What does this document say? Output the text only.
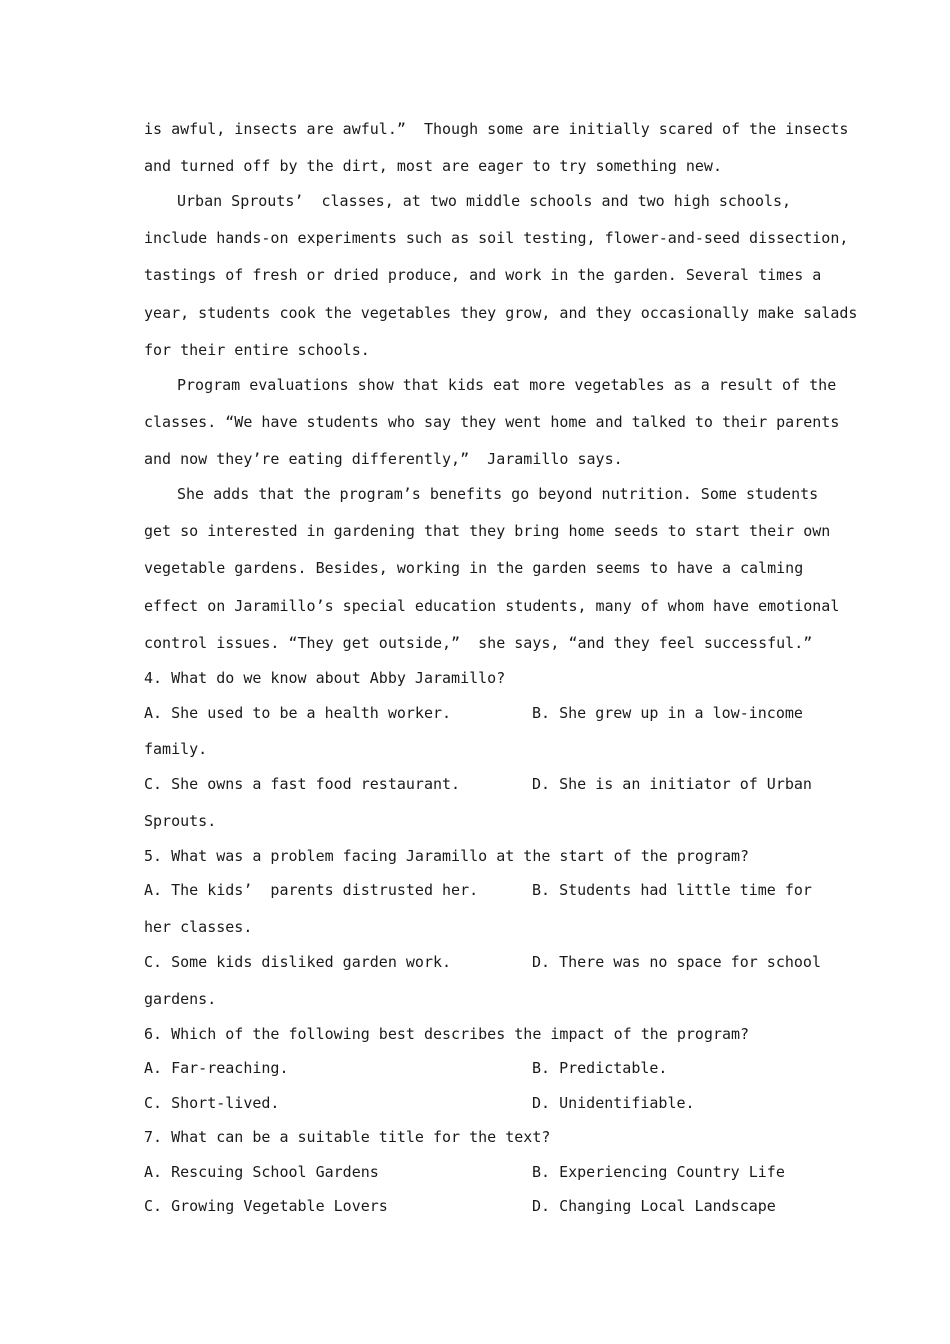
is awful, insects are awful.”  Though some are initially scared of the insects
and turned off by the dirt, most are eager to try something new.
Urban Sprouts’  classes, at two middle schools and two high schools,
include hands-on experiments such as soil testing, flower-and-seed dissection,
tastings of fresh or dried produce, and work in the garden. Several times a
year, students cook the vegetables they grow, and they occasionally make salads
for their entire schools.
Program evaluations show that kids eat more vegetables as a result of the
classes. “We have students who say they went home and talked to their parents
and now they’re eating differently,”  Jaramillo says.
She adds that the program’s benefits go beyond nutrition. Some students
get so interested in gardening that they bring home seeds to start their own
vegetable gardens. Besides, working in the garden seems to have a calming
effect on Jaramillo’s special education students, many of whom have emotional
control issues. “They get outside,”  she says, “and they feel successful.”
4. What do we know about Abby Jaramillo?
A. She used to be a health worker.	B. She grew up in a low-income
family.
C. She owns a fast food restaurant.	D. She is an initiator of Urban
Sprouts.
5. What was a problem facing Jaramillo at the start of the program?
A. The kids’  parents distrusted her.	B. Students had little time for
her classes.
C. Some kids disliked garden work.	D. There was no space for school
gardens.
6. Which of the following best describes the impact of the program?
A. Far-reaching.	B. Predictable.
C. Short-lived.	D. Unidentifiable.
7. What can be a suitable title for the text?
A. Rescuing School Gardens	B. Experiencing Country Life
C. Growing Vegetable Lovers	D. Changing Local Landscape
